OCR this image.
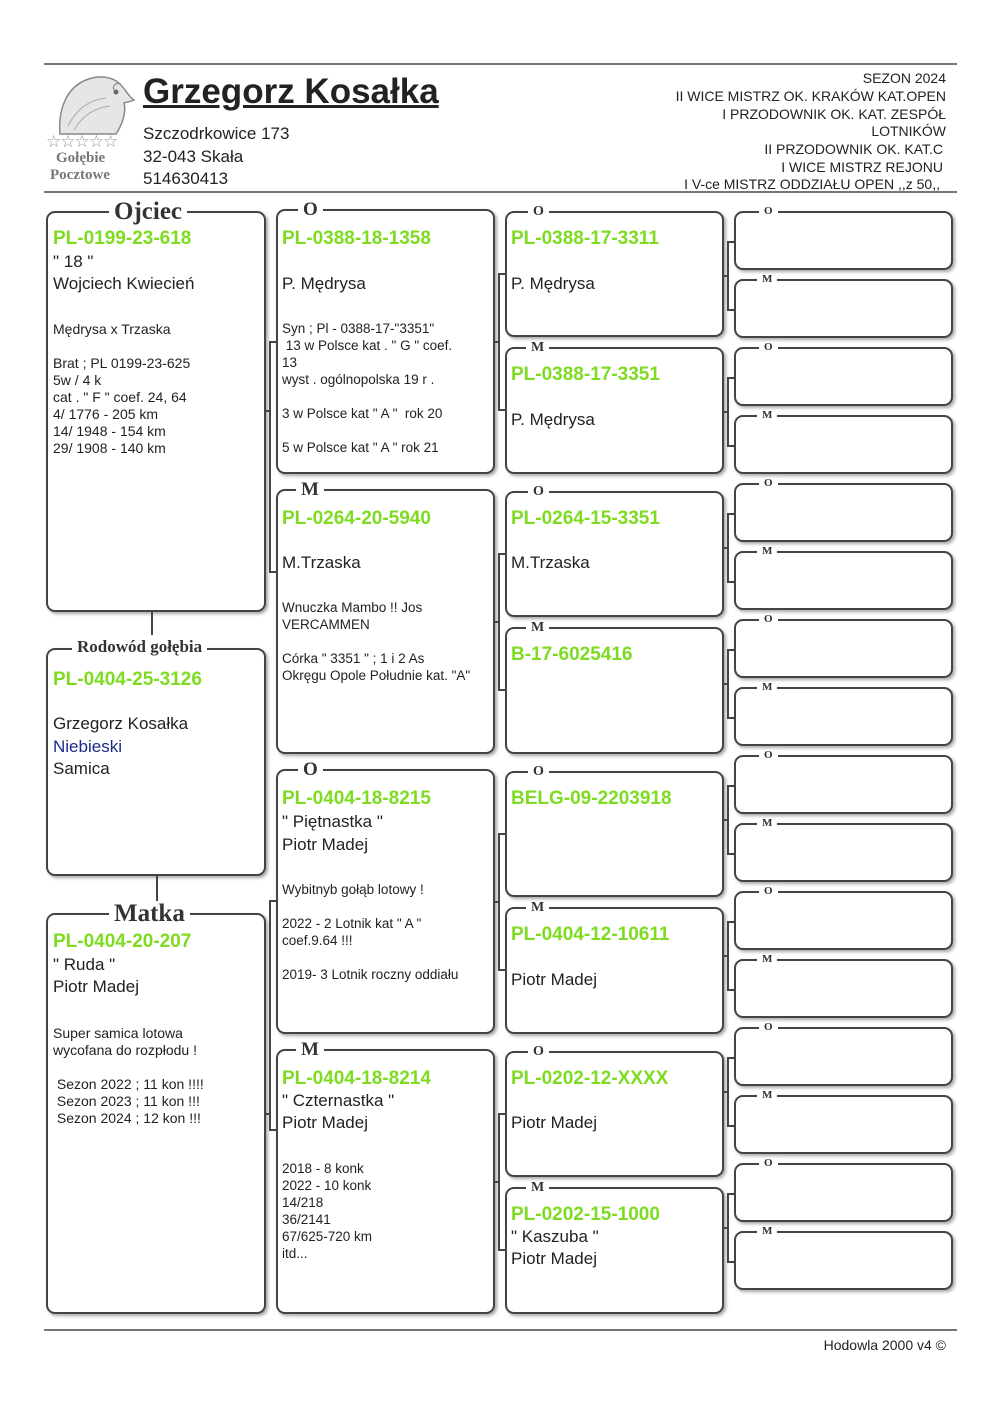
☆☆☆☆☆
Gołębie
Pocztowe
Grzegorz Kosałka
Szczodrkowice 173
32-043 Skała
514630413
SEZON 2024
II WICE MISTRZ OK. KRAKÓW KAT.OPEN
I PRZODOWNIK OK. KAT. ZESPÓŁ
LOTNIKÓW
II PRZODOWNIK OK. KAT.C
I WICE MISTRZ REJONU
I V-ce MISTRZ ODDZIAŁU OPEN ,,z 50,,
Ojciec
PL-0199-23-618
" 18 "
Wojciech Kwiecień
Mędrysa x Trzaska

Brat ; PL 0199-23-625
5w / 4 k
cat . " F " coef. 24, 64
4/ 1776 - 205 km
14/ 1948 - 154 km
29/ 1908 - 140 km
Rodowód gołębia
PL-0404-25-3126
Grzegorz Kosałka
Niebieski
Samica
Matka
PL-0404-20-207
" Ruda "
Piotr Madej
Super samica lotowa
wycofana do rozpłodu !

Sezon 2022 ; 11 kon !!!!
Sezon 2023 ; 11 kon !!!
Sezon 2024 ; 12 kon !!!
O
PL-0388-18-1358
P. Mędrysa
Syn ; Pl - 0388-17-"3351"
13 w Polsce kat . " G " coef.
13
wyst . ogólnopolska 19 r .

3 w Polsce kat " A "  rok 20

5 w Polsce kat " A " rok 21
M
PL-0264-20-5940
M.Trzaska
Wnuczka Mambo !! Jos
VERCAMMEN

Córka " 3351 " ; 1 i 2 As
Okręgu Opole Południe kat. "A"
O
PL-0404-18-8215
" Piętnastka "
Piotr Madej
Wybitnyb gołąb lotowy !

2022 - 2 Lotnik kat " A "
coef.9.64 !!!

2019- 3 Lotnik roczny oddiału
M
PL-0404-18-8214
" Czternastka "
Piotr Madej
2018 - 8 konk
2022 - 10 konk
14/218
36/2141
67/625-720 km
itd...
O
PL-0388-17-3311
P. Mędrysa
M
PL-0388-17-3351
P. Mędrysa
O
PL-0264-15-3351
M.Trzaska
M
B-17-6025416
O
BELG-09-2203918
M
PL-0404-12-10611
Piotr Madej
O
PL-0202-12-XXXX
Piotr Madej
M
PL-0202-15-1000
" Kaszuba "
Piotr Madej
O
M
O
M
O
M
O
M
O
M
O
M
O
M
O
M
Hodowla 2000 v4 ©
